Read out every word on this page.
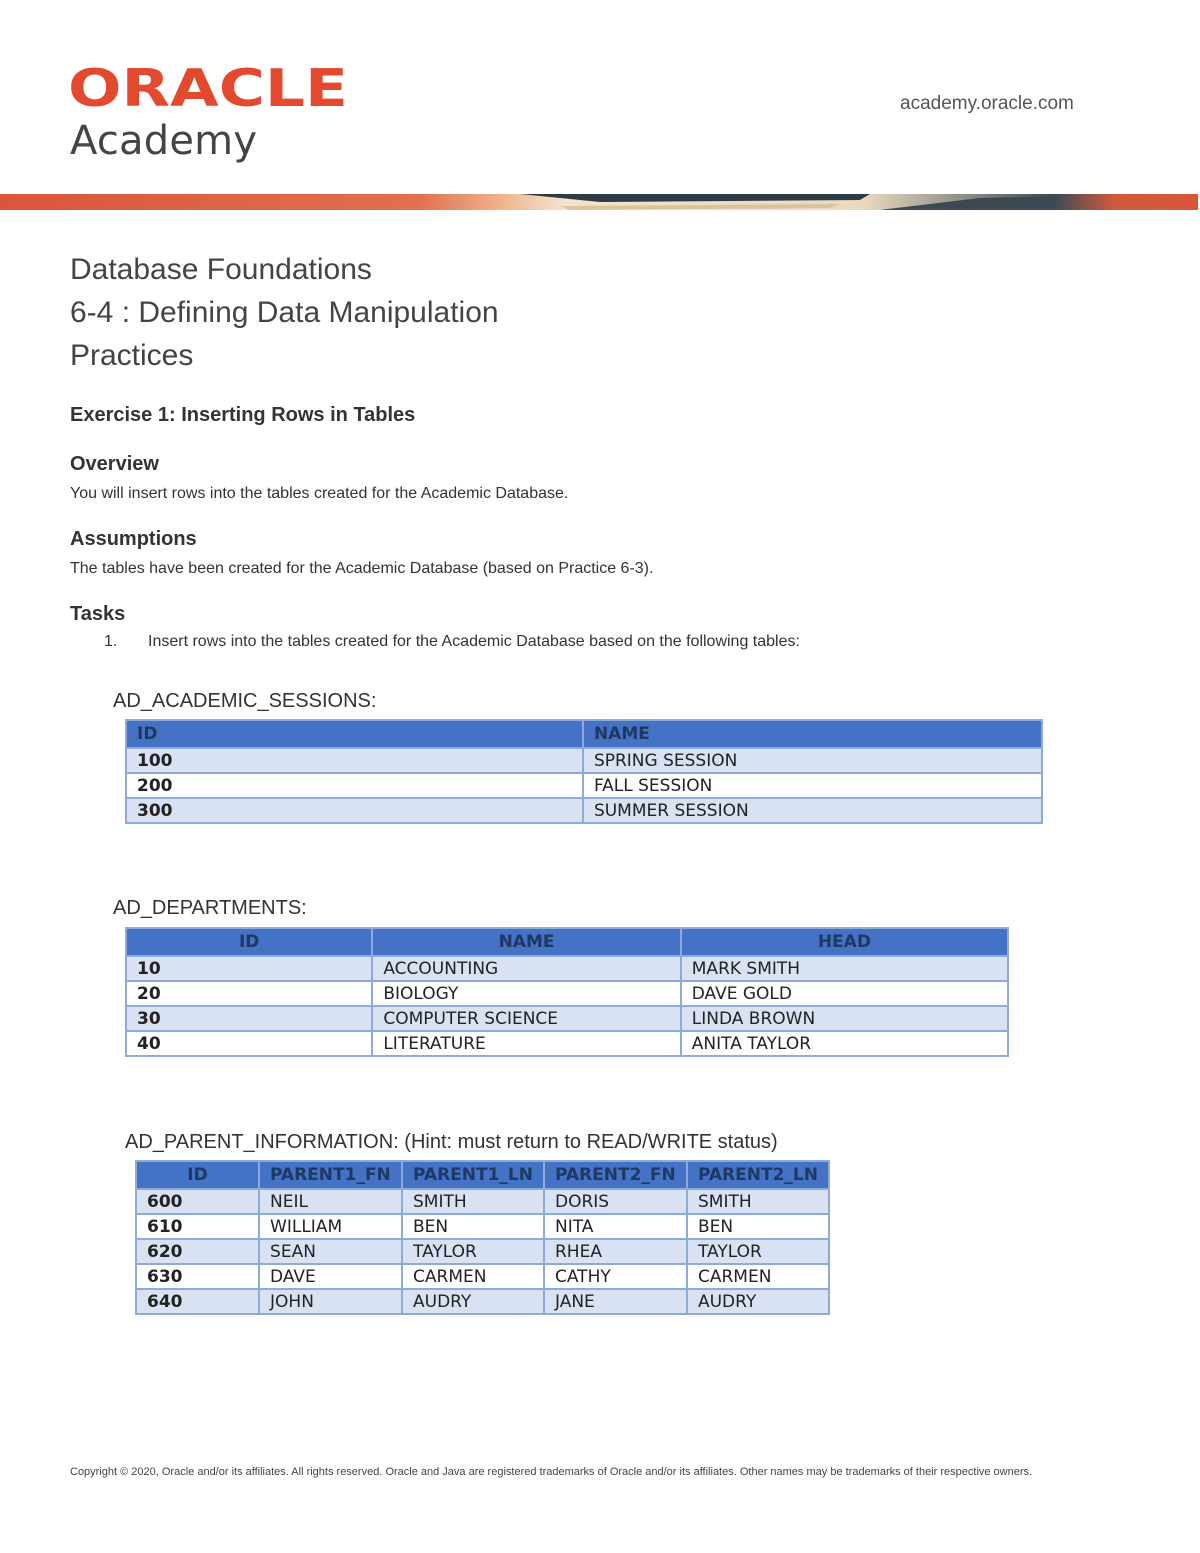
ORACLE
Academy
academy.oracle.com
Database Foundations
6-4 : Defining Data Manipulation
Practices
Exercise 1: Inserting Rows in Tables
Overview
You will insert rows into the tables created for the Academic Database.
Assumptions
The tables have been created for the Academic Database (based on Practice 6-3).
Tasks
1. Insert rows into the tables created for the Academic Database based on the following tables:
AD_ACADEMIC_SESSIONS:
ID	NAME
100	SPRING SESSION
200	FALL SESSION
300	SUMMER SESSION
AD_DEPARTMENTS:
ID	NAME	HEAD
10	ACCOUNTING	MARK SMITH
20	BIOLOGY	DAVE GOLD
30	COMPUTER SCIENCE	LINDA BROWN
40	LITERATURE	ANITA TAYLOR
AD_PARENT_INFORMATION: (Hint: must return to READ/WRITE status)
ID	PARENT1_FN	PARENT1_LN	PARENT2_FN	PARENT2_LN
600	NEIL	SMITH	DORIS	SMITH
610	WILLIAM	BEN	NITA	BEN
620	SEAN	TAYLOR	RHEA	TAYLOR
630	DAVE	CARMEN	CATHY	CARMEN
640	JOHN	AUDRY	JANE	AUDRY
Copyright © 2020, Oracle and/or its affiliates. All rights reserved. Oracle and Java are registered trademarks of Oracle and/or its affiliates. Other names may be trademarks of their respective owners.
